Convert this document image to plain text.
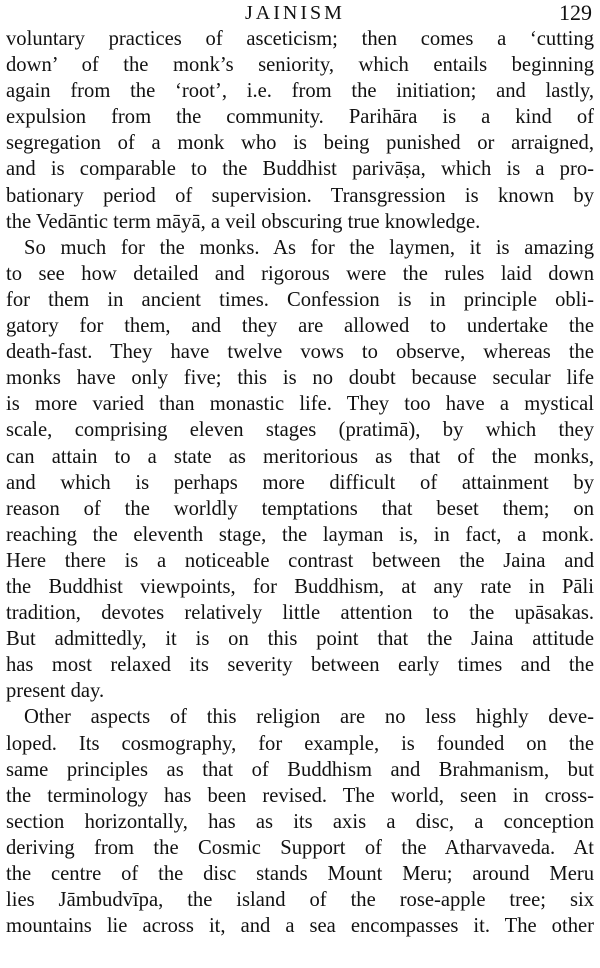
JAINISM	129

voluntary practices of asceticism; then comes a ‘cutting
down’ of the monk’s seniority, which entails beginning
again from the ‘root’, i.e. from the initiation; and lastly,
expulsion from the community. Parihāra is a kind of
segregation of a monk who is being punished or arraigned,
and is comparable to the Buddhist parivāṣa, which is a pro-
bationary period of supervision. Transgression is known by
the Vedāntic term māyā, a veil obscuring true knowledge.

So much for the monks. As for the laymen, it is amazing
to see how detailed and rigorous were the rules laid down
for them in ancient times. Confession is in principle obli-
gatory for them, and they are allowed to undertake the
death-fast. They have twelve vows to observe, whereas the
monks have only five; this is no doubt because secular life
is more varied than monastic life. They too have a mystical
scale, comprising eleven stages (pratimā), by which they
can attain to a state as meritorious as that of the monks,
and which is perhaps more difficult of attainment by
reason of the worldly temptations that beset them; on
reaching the eleventh stage, the layman is, in fact, a monk.
Here there is a noticeable contrast between the Jaina and
the Buddhist viewpoints, for Buddhism, at any rate in Pāli
tradition, devotes relatively little attention to the upāsakas.
But admittedly, it is on this point that the Jaina attitude
has most relaxed its severity between early times and the
present day.

Other aspects of this religion are no less highly deve-
loped. Its cosmography, for example, is founded on the
same principles as that of Buddhism and Brahmanism, but
the terminology has been revised. The world, seen in cross-
section horizontally, has as its axis a disc, a conception
deriving from the Cosmic Support of the Atharvaveda. At
the centre of the disc stands Mount Meru; around Meru
lies Jāmbudvīpa, the island of the rose-apple tree; six
mountains lie across it, and a sea encompasses it. The other
